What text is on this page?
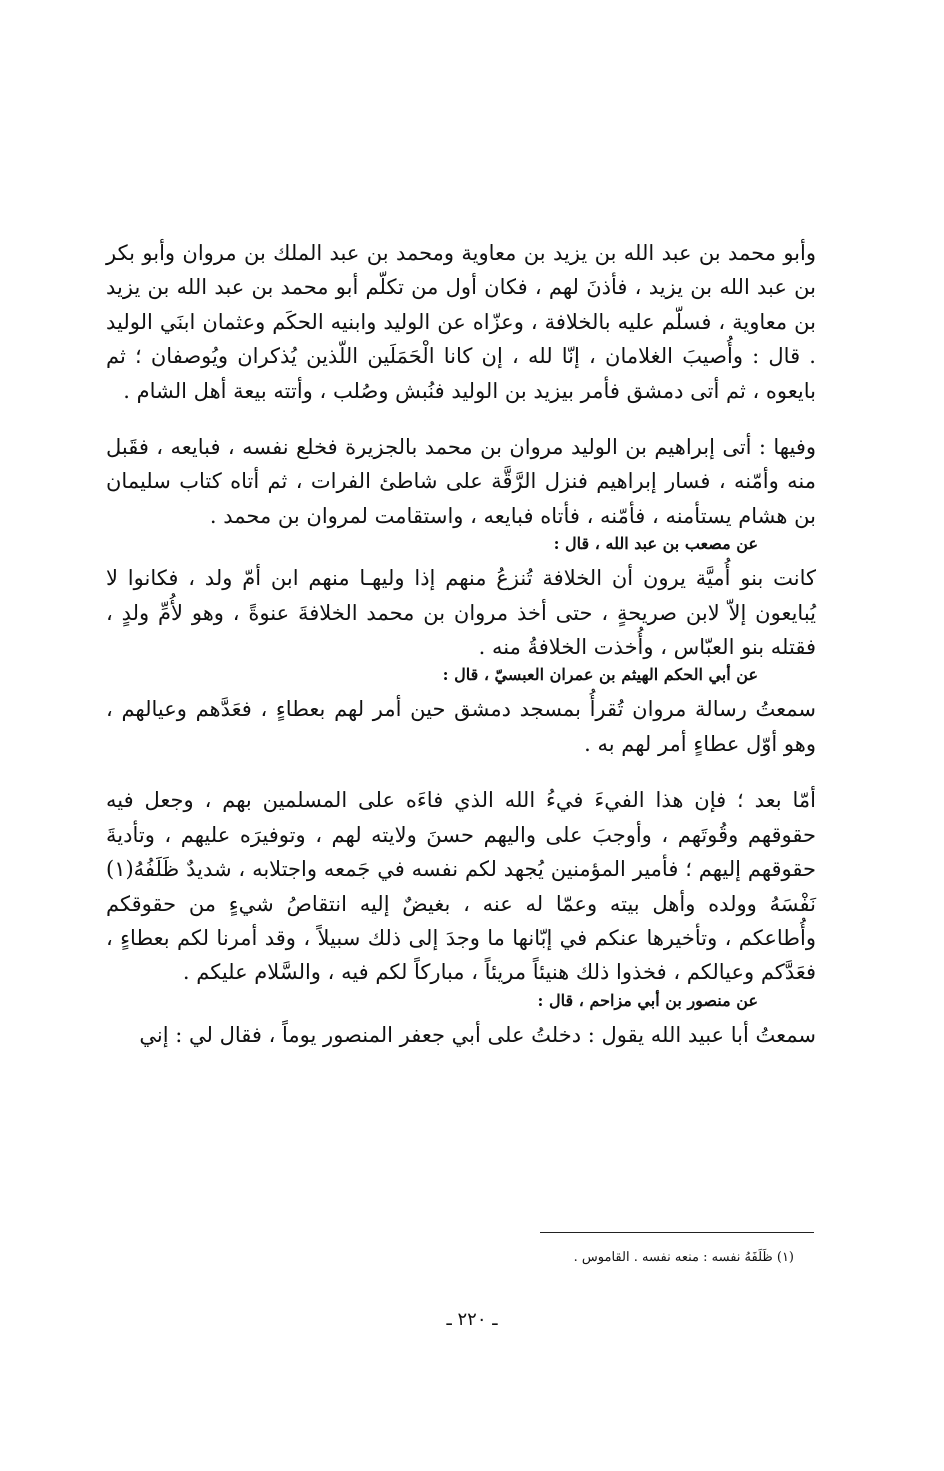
وأبو محمد بن عبد الله بن يزيد بن معاوية ومحمد بن عبد الملك بن مروان وأبو بكر بن عبد الله بن يزيد ، فأذنَ لهم ، فكان أول من تكلّم أبو محمد بن عبد الله بن يزيد بن معاوية ، فسلّم عليه بالخلافة ، وعزّاه عن الوليد وابنيه الحكَم وعثمان ابنَي الوليد . قال : وأُصيبَ الغلامان ، إنّا لله ، إن كانا الْحَمَلَين اللّذين يُذكران ويُوصفان ؛ ثم بايعوه ، ثم أتى دمشق فأمر بيزيد بن الوليد فنُبش وصُلب ، وأتته بيعة أهل الشام .

وفيها : أتى إبراهيم بن الوليد مروان بن محمد بالجزيرة فخلع نفسه ، فبايعه ، فقَبل منه وأمّنه ، فسار إبراهيم فنزل الرَّقَّة على شاطئ الفرات ، ثم أتاه كتاب سليمان بن هشام يستأمنه ، فأمّنه ، فأتاه فبايعه ، واستقامت لمروان بن محمد .

عن مصعب بن عبد الله ، قال :

كانت بنو أُميَّة يرون أن الخلافة تُنزعُ منهم إذا وليهـا منهم ابن أمّ ولد ، فكانوا لا يُبايعون إلاّ لابن صريحةٍ ، حتى أخذ مروان بن محمد الخلافةَ عنوةً ، وهو لأُمِّ ولدٍ ، فقتله بنو العبّاس ، وأُخذت الخلافةُ منه .

عن أبي الحكم الهيثم بن عمران العبسيّ ، قال :

سمعتُ رسالة مروان تُقرأُ بمسجد دمشق حين أمر لهم بعطاءٍ ، فعَدَّهم وعيالهم ، وهو أوّل عطاءٍ أمر لهم به .

أمّا بعد ؛ فإن هذا الفيءَ فيءُ الله الذي فاءَه على المسلمين بهم ، وجعل فيه حقوقهم وقُوتَهم ، وأوجبَ على واليهم حسنَ ولايته لهم ، وتوفيرَه عليهم ، وتأديةَ حقوقهم إليهم ؛ فأمير المؤمنين يُجهد لكم نفسه في جَمعه واجتلابه ، شديدٌ ظَلَفُهُ(١) نَفْسَهُ وولده وأهل بيته وعمّا له عنه ، بغيضٌ إليه انتقاصُ شيءٍ من حقوقكم وأُطاعكم ، وتأخيرها عنكم في إبّانها ما وجدَ إلى ذلك سبيلاً ، وقد أمرنا لكم بعطاءٍ ، فعَدَّكم وعيالكم ، فخذوا ذلك هنيئاً مريئاً ، مباركاً لكم فيه ، والسَّلام عليكم .

عن منصور بن أبي مزاحم ، قال :

سمعتُ أبا عبيد الله يقول : دخلتُ على أبي جعفر المنصور يوماً ، فقال لي : إني

(١) ظَلَفَهُ نفسه : منعه نفسه . القاموس .
ـ ٢٢٠ ـ
